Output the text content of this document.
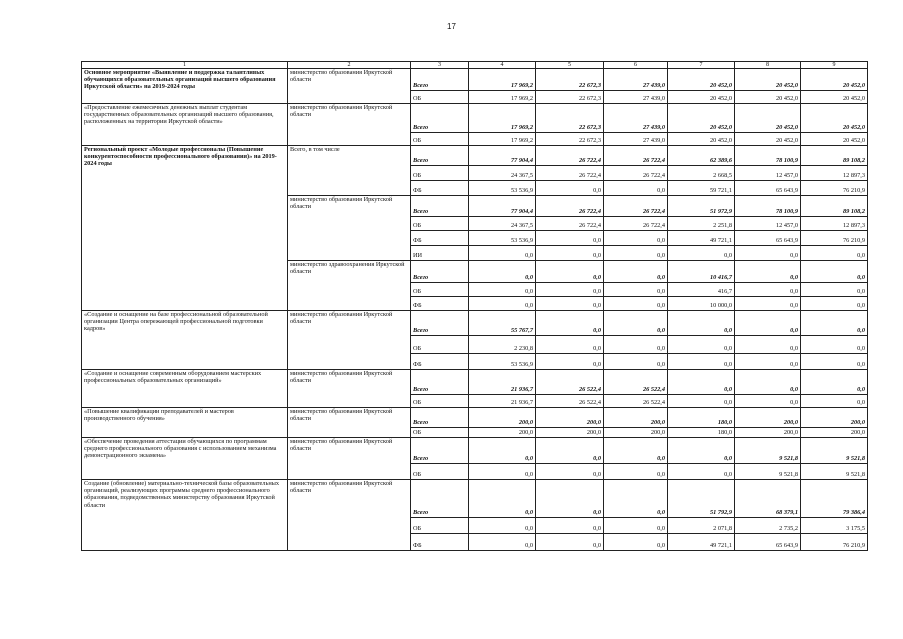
17
1	2	3	4	5	6	7	8	9
Основное мероприятие «Выявление и поддержка талантливых обучающихся образовательных организаций высшего образования Иркутской области» на 2019-2024 годы	министерство образования Иркутской области	Всего	17 969,2	22 672,3	27 439,0	20 452,0	20 452,0	20 452,0
		ОБ	17 969,2	22 672,3	27 439,0	20 452,0	20 452,0	20 452,0
«Предоставление ежемесячных денежных выплат студентам государственных образовательных организаций высшего образования, расположенных на территории Иркутской области»	министерство образования Иркутской области	Всего	17 969,2	22 672,3	27 439,0	20 452,0	20 452,0	20 452,0
		ОБ	17 969,2	22 672,3	27 439,0	20 452,0	20 452,0	20 452,0
Региональный проект «Молодые профессионалы (Повышение конкурентоспособности профессионального образования)» на 2019-2024 годы	Всего, в том числе	Всего	77 904,4	26 722,4	26 722,4	62 389,6	78 100,9	89 108,2
		ОБ	24 367,5	26 722,4	26 722,4	2 668,5	12 457,0	12 897,3
		ФБ	53 536,9	0,0	0,0	59 721,1	65 643,9	76 210,9
	министерство образования Иркутской области	Всего	77 904,4	26 722,4	26 722,4	51 972,9	78 100,9	89 108,2
		ОБ	24 367,5	26 722,4	26 722,4	2 251,8	12 457,0	12 897,3
		ФБ	53 536,9	0,0	0,0	49 721,1	65 643,9	76 210,9
		ИИ	0,0	0,0	0,0	0,0	0,0	0,0
	министерство здравоохранения Иркутской области	Всего	0,0	0,0	0,0	10 416,7	0,0	0,0
		ОБ	0,0	0,0	0,0	416,7	0,0	0,0
		ФБ	0,0	0,0	0,0	10 000,0	0,0	0,0
«Создание и оснащение на базе профессиональной образовательной организации Центра опережающей профессиональной подготовки кадров»	министерство образования Иркутской области	Всего	55 767,7	0,0	0,0	0,0	0,0	0,0
		ОБ	2 230,8	0,0	0,0	0,0	0,0	0,0
		ФБ	53 536,9	0,0	0,0	0,0	0,0	0,0
«Создание и оснащение современным оборудованием мастерских профессиональных образовательных организаций»	министерство образования Иркутской области	Всего	21 936,7	26 522,4	26 522,4	0,0	0,0	0,0
		ОБ	21 936,7	26 522,4	26 522,4	0,0	0,0	0,0
«Повышение квалификации преподавателей и мастеров производственного обучения»	министерство образования Иркутской области	Всего	200,0	200,0	200,0	180,0	200,0	200,0
		ОБ	200,0	200,0	200,0	180,0	200,0	200,0
«Обеспечение проведения аттестации обучающихся по программам среднего профессионального образования с использованием механизма демонстрационного экзамена»	министерство образования Иркутской области	Всего	0,0	0,0	0,0	0,0	9 521,8	9 521,8
		ОБ	0,0	0,0	0,0	0,0	9 521,8	9 521,8
Создание (обновление) материально-технической базы образовательных организаций, реализующих программы среднего профессионального образования, подведомственных министерству образования Иркутской области	министерство образования Иркутской области	Всего	0,0	0,0	0,0	51 792,9	68 379,1	79 386,4
		ОБ	0,0	0,0	0,0	2 071,8	2 735,2	3 175,5
		ФБ	0,0	0,0	0,0	49 721,1	65 643,9	76 210,9
